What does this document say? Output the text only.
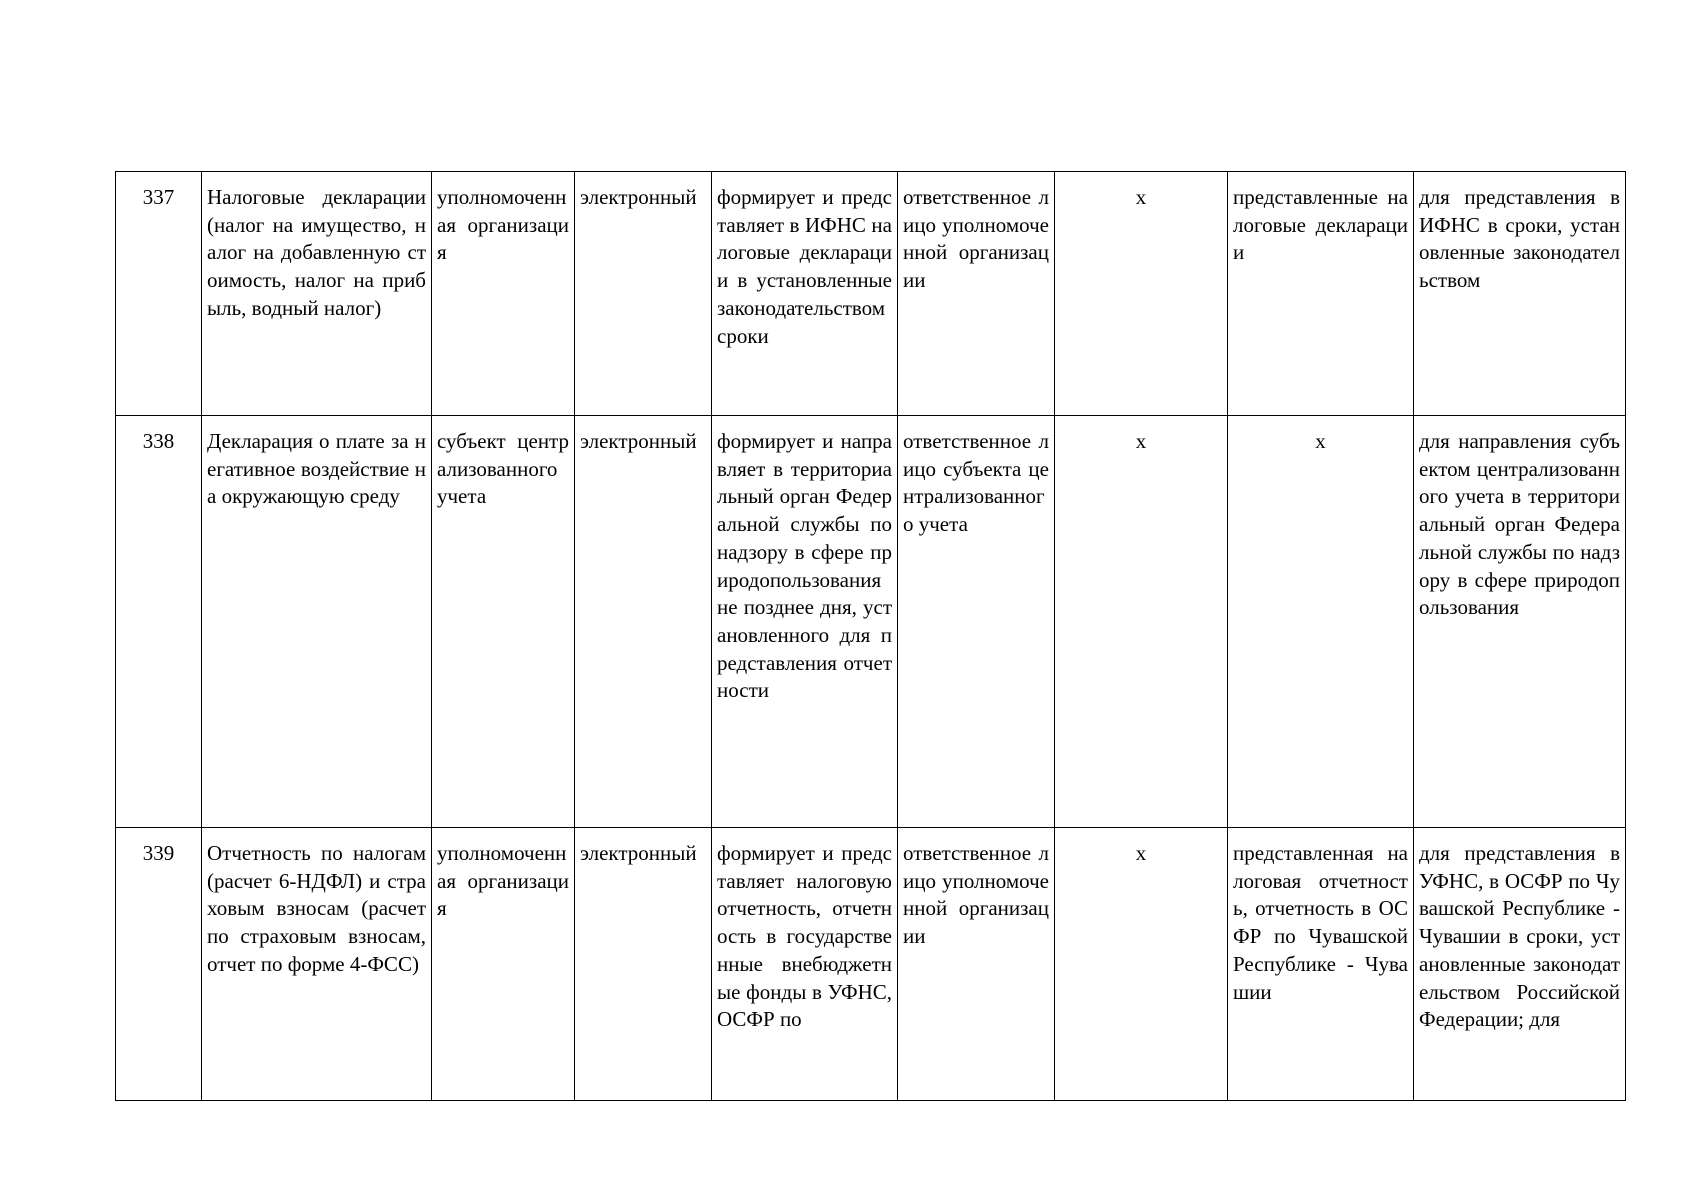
337	Налоговые декларации (налог на имущество, налог на добавленную стоимость, налог на прибыль, водный налог)	уполномоченная организация	электронный	формирует и представляет в ИФНС налоговые декларации в установленные законодательством сроки	ответственное лицо уполномоченной организации	x	представленные налоговые декларации	для представления в ИФНС в сроки, установленные законодательством

338	Декларация о плате за негативное воздействие на окружающую среду	субъект централизованного учета	электронный	формирует и направляет в территориальный орган Федеральной службы по надзору в сфере природопользования не позднее дня, установленного для представления отчетности	ответственное лицо субъекта централизованного учета	x	x	для направления субъектом централизованного учета в территориальный орган Федеральной службы по надзору в сфере природопользования

339	Отчетность по налогам (расчет 6-НДФЛ) и страховым взносам (расчет по страховым взносам, отчет по форме 4-ФСС)	уполномоченная организация	электронный	формирует и представляет налоговую отчетность, отчетность в государственные внебюджетные фонды в УФНС, ОСФР по	ответственное лицо уполномоченной организации	x	представленная налоговая отчетность, отчетность в ОСФР по Чувашской Республике - Чувашии	для представления в УФНС, в ОСФР по Чувашской Республике - Чувашии в сроки, установленные законодательством Российской Федерации; для
